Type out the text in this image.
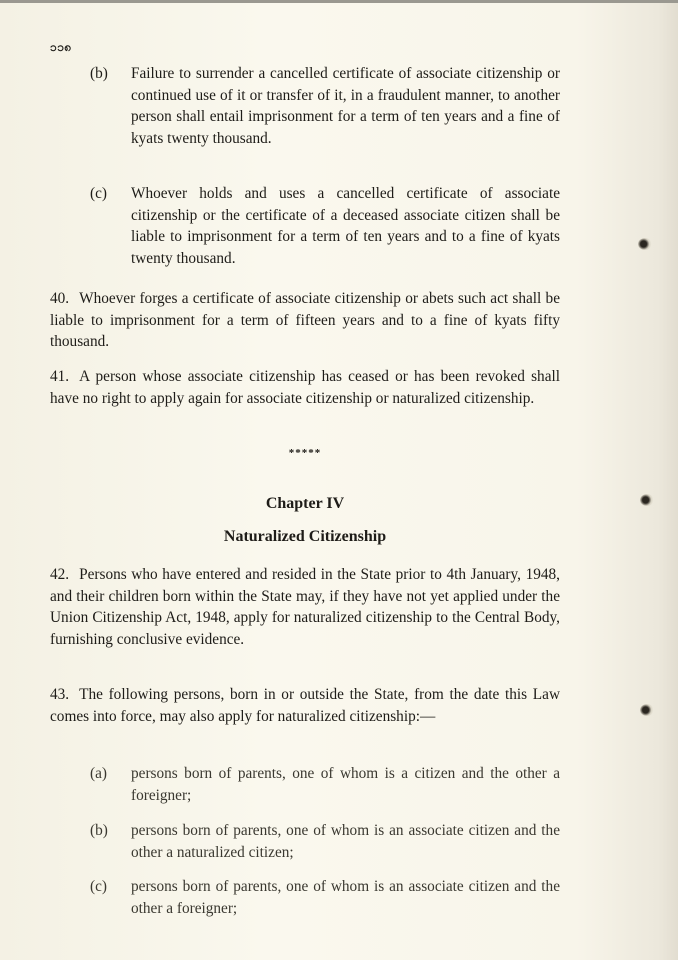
၁၁၈
(b) Failure to surrender a cancelled certificate of associate citizenship or continued use of it or transfer of it, in a fraudulent manner, to another person shall entail imprisonment for a term of ten years and a fine of kyats twenty thousand.
(c) Whoever holds and uses a cancelled certificate of associate citizenship or the certificate of a deceased associate citizen shall be liable to imprisonment for a term of ten years and to a fine of kyats twenty thousand.
40. Whoever forges a certificate of associate citizenship or abets such act shall be liable to imprisonment for a term of fifteen years and to a fine of kyats fifty thousand.
41. A person whose associate citizenship has ceased or has been revoked shall have no right to apply again for associate citizenship or naturalized citizenship.
*****
Chapter IV
Naturalized Citizenship
42. Persons who have entered and resided in the State prior to 4th January, 1948, and their children born within the State may, if they have not yet applied under the Union Citizenship Act, 1948, apply for naturalized citizenship to the Central Body, furnishing conclusive evidence.
43. The following persons, born in or outside the State, from the date this Law comes into force, may also apply for naturalized citizenship:—
(a) persons born of parents, one of whom is a citizen and the other a foreigner;
(b) persons born of parents, one of whom is an associate citizen and the other a naturalized citizen;
(c) persons born of parents, one of whom is an associate citizen and the other a foreigner;
